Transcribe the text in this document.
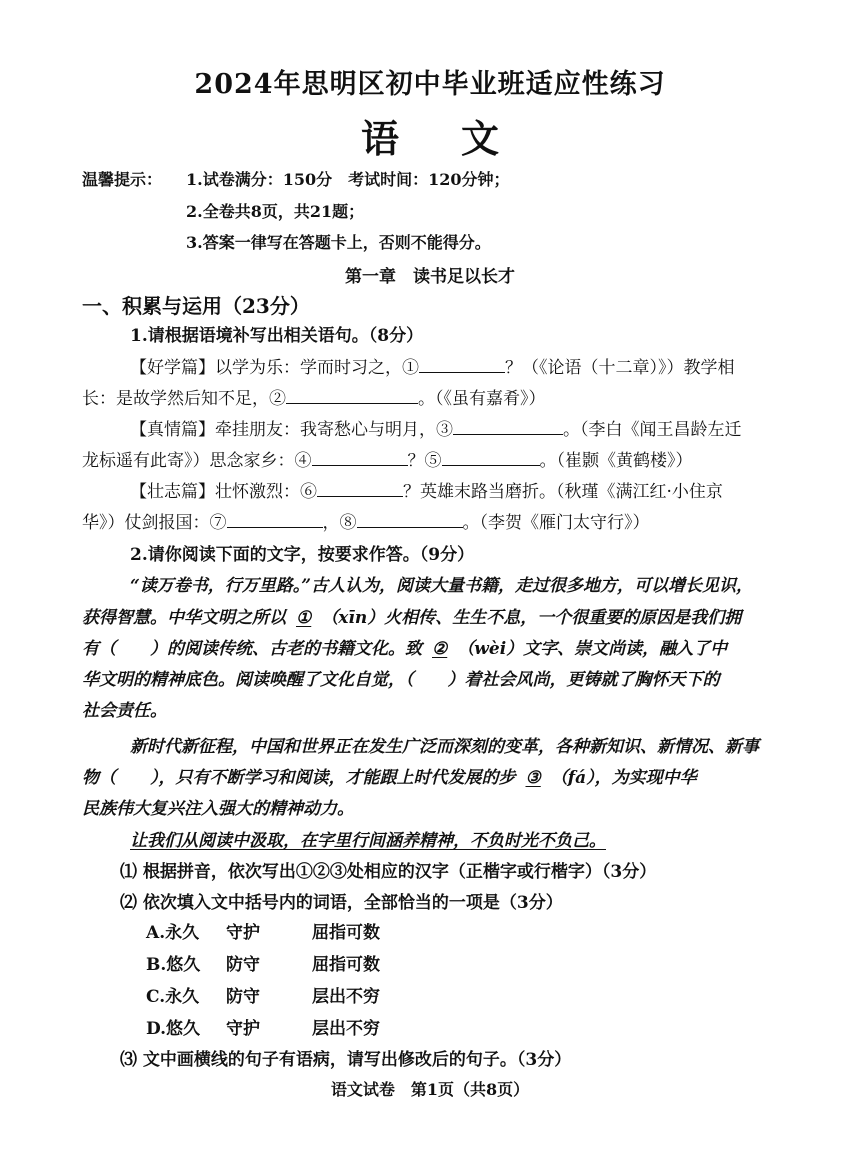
2024年思明区初中毕业班适应性练习
语文
温馨提示： 1.试卷满分：150分　考试时间：120分钟；
2.全卷共8页，共21题；
3.答案一律写在答题卡上，否则不能得分。
第一章　读书足以长才
一、积累与运用（23分）
1.请根据语境补写出相关语句。（8分）
【好学篇】以学为乐：学而时习之，①	？（《论语（十二章）》）教学相
长：是故学然后知不足，②	。（《虽有嘉肴》）
【真情篇】牵挂朋友：我寄愁心与明月，③	。（李白《闻王昌龄左迁
龙标遥有此寄》）思念家乡：④	？⑤	。（崔颢《黄鹤楼》）
【壮志篇】壮怀激烈：⑥	？英雄末路当磨折。（秋瑾《满江红·小住京
华》）仗剑报国：⑦	，⑧	。（李贺《雁门太守行》）
2.请你阅读下面的文字，按要求作答。（9分）
“读万卷书，行万里路。”古人认为，阅读大量书籍，走过很多地方，可以增长见识，
获得智慧。中华文明之所以 ① （xīn）火相传、生生不息，一个很重要的原因是我们拥
有（　　）的阅读传统、古老的书籍文化。致 ② （wèi）文字、崇文尚读，融入了中
华文明的精神底色。阅读唤醒了文化自觉，（　　）着社会风尚，更铸就了胸怀天下的
社会责任。
新时代新征程，中国和世界正在发生广泛而深刻的变革，各种新知识、新情况、新事
物（　　），只有不断学习和阅读，才能跟上时代发展的步 ③ （fá），为实现中华
民族伟大复兴注入强大的精神动力。
让我们从阅读中汲取，在字里行间涵养精神，不负时光不负己。
⑴ 根据拼音，依次写出①②③处相应的汉字（正楷字或行楷字）（3分）
⑵ 依次填入文中括号内的词语，全部恰当的一项是（3分）
A.永久 守护	屈指可数
B.悠久 防守	屈指可数
C.永久 防守	层出不穷
D.悠久 守护	层出不穷
⑶ 文中画横线的句子有语病，请写出修改后的句子。（3分）
语文试卷　第1页（共8页）
